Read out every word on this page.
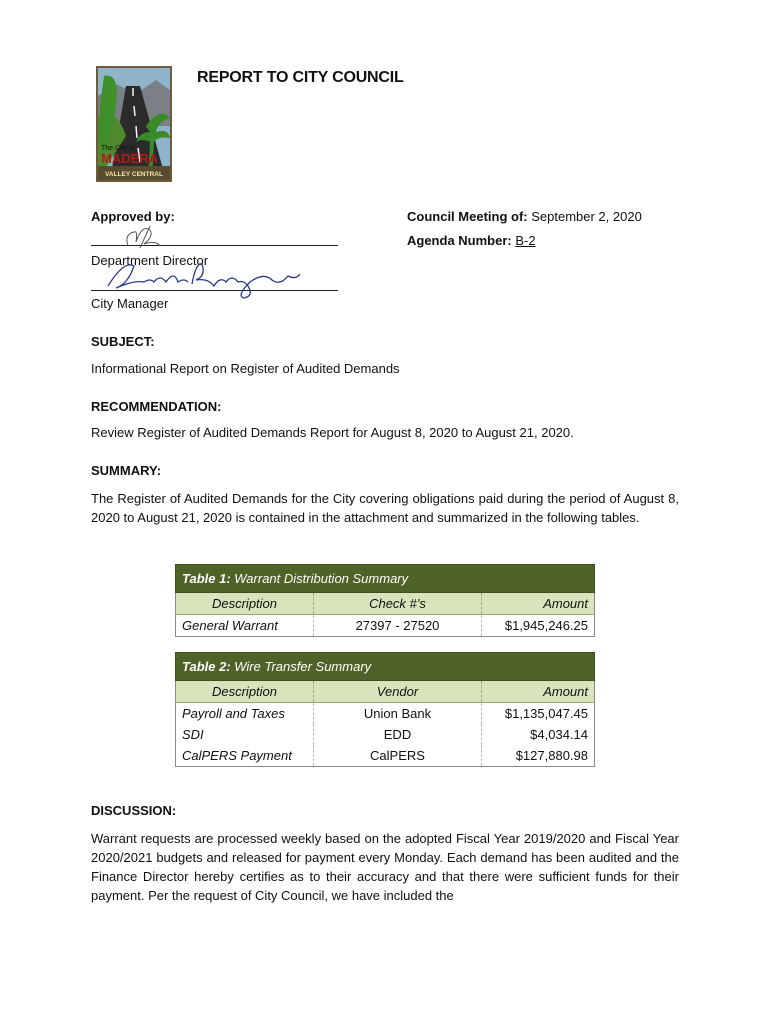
The City of
MADERA
VALLEY CENTRAL
REPORT TO CITY COUNCIL
Approved by:
Department Director
City Manager
Council Meeting of: September 2, 2020
Agenda Number: B-2
SUBJECT:
Informational Report on Register of Audited Demands
RECOMMENDATION:
Review Register of Audited Demands Report for August 8, 2020 to August 21, 2020.
SUMMARY:
The Register of Audited Demands for the City covering obligations paid during the period of August 8, 2020 to August 21, 2020 is contained in the attachment and summarized in the following tables.
Table 1: Warrant Distribution Summary		
Description	Check #’s	Amount
General Warrant	27397 - 27520	$1,945,246.25
Table 2: Wire Transfer Summary		
Description	Vendor	Amount
Payroll and Taxes	Union Bank	$1,135,047.45
SDI	EDD	$4,034.14
CalPERS Payment	CalPERS	$127,880.98
DISCUSSION:
Warrant requests are processed weekly based on the adopted Fiscal Year 2019/2020 and Fiscal Year 2020/2021 budgets and released for payment every Monday. Each demand has been audited and the Finance Director hereby certifies as to their accuracy and that there were sufficient funds for their payment. Per the request of City Council, we have included the
